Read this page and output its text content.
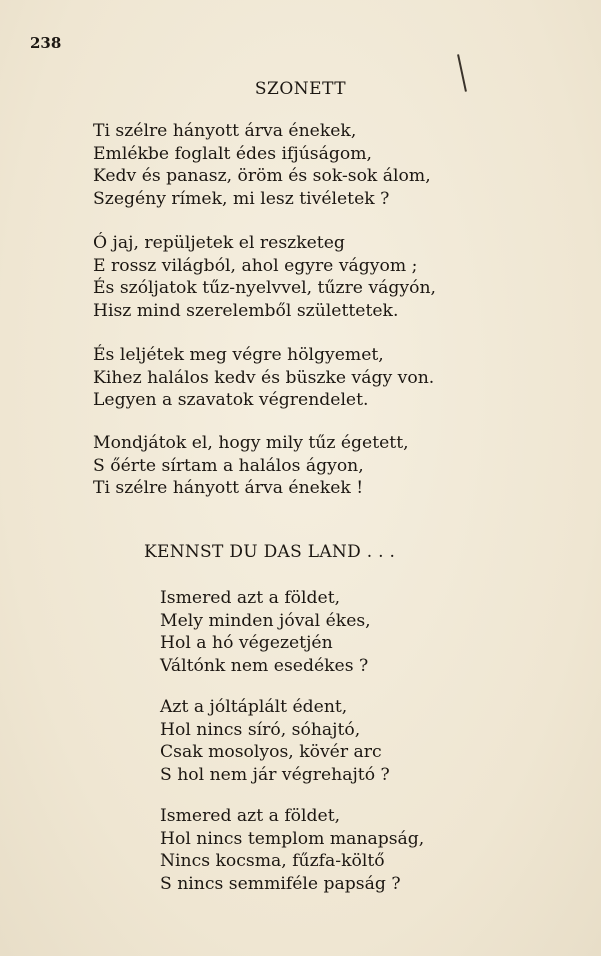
238
SZONETT
Ti szélre hányott árva énekek,
Emlékbe foglalt édes ifjúságom,
Kedv és panasz, öröm és sok-sok álom,
Szegény rímek, mi lesz tivéletek ?
Ó jaj, repüljetek el reszketeg
E rossz világból, ahol egyre vágyom ;
És szóljatok tűz-nyelvvel, tűzre vágyón,
Hisz mind szerelemből születtetek.
És leljétek meg végre hölgyemet,
Kihez halálos kedv és büszke vágy von.
Legyen a szavatok végrendelet.
Mondjátok el, hogy mily tűz égetett,
S őérte sírtam a halálos ágyon,
Ti szélre hányott árva énekek !
KENNST DU DAS LAND . . .
Ismered azt a földet,
Mely minden jóval ékes,
Hol a hó végezetjén
Váltónk nem esedékes ?
Azt a jóltáplált édent,
Hol nincs síró, sóhajtó,
Csak mosolyos, kövér arc
S hol nem jár végrehajtó ?
Ismered azt a földet,
Hol nincs templom manapság,
Nincs kocsma, fűzfa-költő
S nincs semmiféle papság ?
